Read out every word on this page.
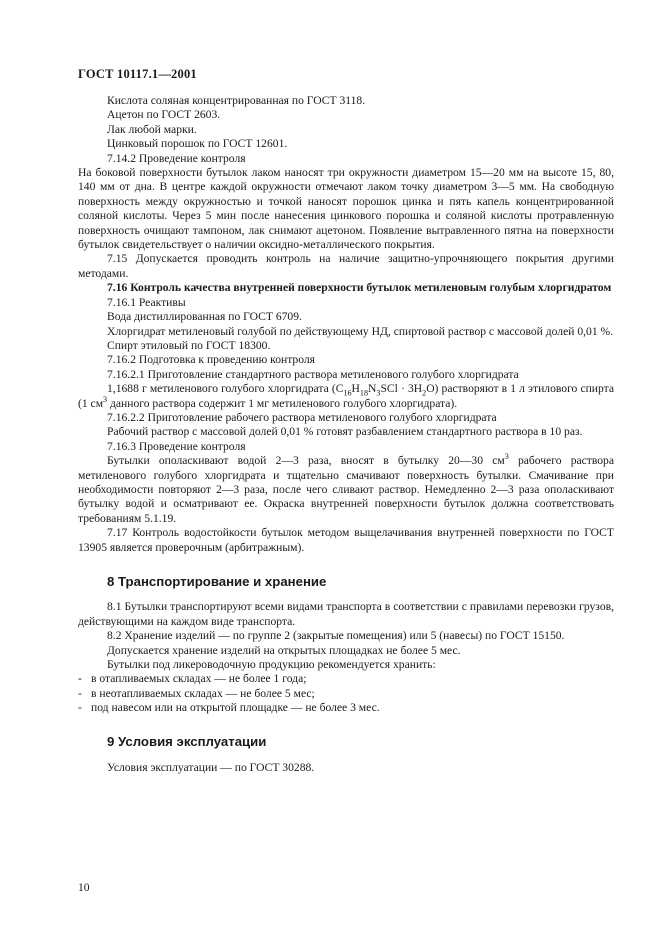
ГОСТ 10117.1—2001

Кислота соляная концентрированная по ГОСТ 3118.

Ацетон по ГОСТ 2603.

Лак любой марки.

Цинковый порошок по ГОСТ 12601.

7.14.2 Проведение контроля

На боковой поверхности бутылок лаком наносят три окружности диаметром 15—20 мм на высоте 15, 80, 140 мм от дна. В центре каждой окружности отмечают лаком точку диаметром 3—5 мм. На свободную поверхность между окружностью и точкой наносят порошок цинка и пять капель концентрированной соляной кислоты. Через 5 мин после нанесения цинкового порошка и соляной кислоты протравленную поверхность очищают тампоном, лак снимают ацетоном. Появление вытравленного пятна на поверхности бутылок свидетельствует о наличии оксидно-металлического покрытия.

7.15 Допускается проводить контроль на наличие защитно-упрочняющего покрытия другими методами.

7.16 Контроль качества внутренней поверхности бутылок метиленовым голубым хлоргидратом

7.16.1 Реактивы

Вода дистиллированная по ГОСТ 6709.

Хлоргидрат метиленовый голубой по действующему НД, спиртовой раствор с массовой долей 0,01 %.

Спирт этиловый по ГОСТ 18300.

7.16.2 Подготовка к проведению контроля

7.16.2.1 Приготовление стандартного раствора метиленового голубого хлоргидрата

1,1688 г метиленового голубого хлоргидрата $(C_{16}H_{18}N_3SCl \cdot 3H_2O)$ растворяют в 1 л этилового спирта (1 $см^3$ данного раствора содержит 1 мг метиленового голубого хлоргидрата).

7.16.2.2 Приготовление рабочего раствора метиленового голубого хлоргидрата

Рабочий раствор с массовой долей 0,01 % готовят разбавлением стандартного раствора в 10 раз.

7.16.3 Проведение контроля

Бутылки ополаскивают водой 2—3 раза, вносят в бутылку 20—30 $см^3$ рабочего раствора метиленового голубого хлоргидрата и тщательно смачивают поверхность бутылки. Смачивание при необходимости повторяют 2—3 раза, после чего сливают раствор. Немедленно 2—3 раза ополаскивают бутылку водой и осматривают ее. Окраска внутренней поверхности бутылок должна соответствовать требованиям 5.1.19.

7.17 Контроль водостойкости бутылок методом выщелачивания внутренней поверхности по ГОСТ 13905 является проверочным (арбитражным).

8 Транспортирование и хранение

8.1 Бутылки транспортируют всеми видами транспорта в соответствии с правилами перевозки грузов, действующими на каждом виде транспорта.

8.2 Хранение изделий — по группе 2 (закрытые помещения) или 5 (навесы) по ГОСТ 15150.

Допускается хранение изделий на открытых площадках не более 5 мес.

Бутылки под ликероводочную продукцию рекомендуется хранить:

- в отапливаемых складах — не более 1 года;

- в неотапливаемых складах — не более 5 мес;

- под навесом или на открытой площадке — не более 3 мес.

9 Условия эксплуатации

Условия эксплуатации — по ГОСТ 30288.

10
